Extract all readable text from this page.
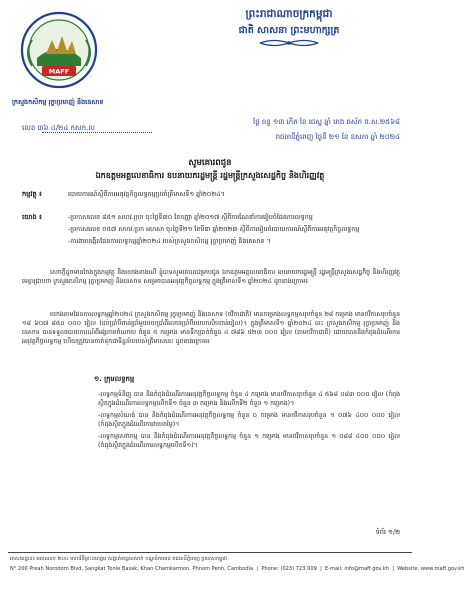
MAFF
ក្រសួងកសិកម្ម រុក្ខាប្រមាញ់ និងនេសាទ
ព្រះរាជាណាចក្រកម្ពុជា
ជាតិ សាសនា ព្រះមហាក្សត្រ
លេខ ៣៦ ៤/២៤ កសក.ល
ថ្ងៃ ចន្ទ ១៣ កើត ខែ ជេស្ឋ ឆ្នាំ រោង ឆស័ក ព.ស.២៥៦៨
រាជធានីភ្នំពេញ ថ្ងៃទី ២១ ខែ ឧសភា ឆ្នាំ ២០២៤
សូមគោរពជូន
ឯកឧត្តមអគ្គលេខាធិការ ឧបនាយករដ្ឋមន្ត្រី រដ្ឋមន្ត្រីក្រសួងសេដ្ឋកិច្ច និងហិរញ្ញវត្ថុ
កម្មវត្ថុ ៖	របាយការណ៍ស្តីពីការអនុវត្តកិច្ចលទ្ធកម្មប្រចាំត្រីមាសទី១ ឆ្នាំ២០២៤។
យោង ៖	-ប្រកាសលេខ ៨៥១ សហវ.ប្រក ចុះថ្ងៃទី៣០ ខែកញ្ញា ឆ្នាំ២០១៧ ស្តីពីការណែនាំការរៀបចំផែនការលទ្ធកម្ម
-ប្រកាសលេខ ០៥៧ សហវ.ប្រក អហសា ចុះថ្ងៃទី២១ ខែមីនា ឆ្នាំ២០២៣ ស្តីពីការរៀបចំរបាយការណ៍ស្តីពីការអនុវត្តកិច្ចលទ្ធកម្ម
-ការងារបង្កើតផែនការលទ្ធកម្មឆ្នាំ២០២៤ របស់ក្រសួងកសិកម្ម រុក្ខាប្រមាញ់ និងនេសាទ ។

សេចក្តីដូចមានចែងក្នុងកម្មវត្ថុ និងយោងខាងលើ ខ្ញុំបាទសូមគោរពជម្រាបជូន ឯកឧត្តមអគ្គលេខាធិការ ឧបនាយករដ្ឋមន្ត្រី រដ្ឋមន្ត្រីក្រសួងសេដ្ឋកិច្ច និងហិរញ្ញវត្ថុ មេត្តាជ្រាបថា ក្រសួងកសិកម្ម រុក្ខាប្រមាញ់ និងនេសាទ សម្រេចបានអនុវត្តកិច្ចលទ្ធកម្ម ក្នុងត្រីមាសទី១ ឆ្នាំ២០២៤ ដូចខាងក្រោម៖

យោងតាមផែនការលទ្ធកម្មឆ្នាំ២០២៤ ក្រសួងកសិកម្ម រុក្ខាប្រមាញ់ និងនេសាទ (ថវិកាជាតិ) មានកម្រោងលទ្ធកម្មសរុបចំនួន ២៨ កម្រោង មានថវិកាសរុបចំនួន ១៨ ៦០៧ ៨៥០ ០០០ រៀល (ដប់ប្រាំបីពាន់ប្រាំមួយរយប្រាំពីរលានប្រាំបីរយហាសិបពាន់រៀល)។ ក្នុងត្រីមាសទី១ ឆ្នាំ២០២៤ នេះ ក្រសួងកសិកម្ម រុក្ខាប្រមាញ់ និងនេសាទ បានទទួលរបាយការណ៍ពីអង្គភាពចំណាយ ចំនួន ៥ កម្រោង មានទឹកប្រាក់ចំនួន ៤ ៧៨៦ ៥២៣ ០០០ រៀល (តាមថវិកាជាតិ) ដោយបាននិងកំពុងដំណើរការអនុវត្តកិច្ចលទ្ធកម្ម ហើយត្រូវបានចាត់ទុកជាទិន្នន័យរបស់ត្រីមាសនេះ ដូចខាងក្រោម៖

១. ក្រុមលទ្ធកម្ម
-លទ្ធកម្មទំនិញ បាន និងកំពុងដំណើរការអនុវត្តកិច្ចលទ្ធកម្ម ចំនួន ៤ កម្រោង មានថវិកាសរុបចំនួន ៤ ៥៦៨ ០៨៣ ០០០ រៀល (កំពុងស្ថិតក្នុងដំណើរការលទ្ធកម្មលើកទី១ ចំនួន ៣ កម្រោង និងលើកទី២ ចំនួន ១ កម្រោង)។
-លទ្ធកម្មសំណង់ បាន និងកំពុងដំណើរការអនុវត្តកិច្ចលទ្ធកម្ម ចំនួន ០ កម្រោង មានថវិកាសរុបចំនួន ១ ០៧៦ ៤០០ ០០០ រៀល (កំពុងស្ថិតក្នុងដំណើរការវាយតម្លៃ)។
-លទ្ធកម្មសេវាកម្ម បាន និងកំពុងដំណើរការអនុវត្តកិច្ចលទ្ធកម្ម ចំនួន ១ កម្រោង មានថវិកាសរុបចំនួន ១ ០៨៨ ៤០០ ០០០ រៀល (កំពុងស្ថិតក្នុងដំណើរការលទ្ធកម្មលើកទី១)។
ទំព័រ ១/២
អាសយដ្ឋាន៖ អគារលេខ ២០០ មហាវិថីព្រះនរោត្តម សង្កាត់ទន្លេបាសាក់ ខណ្ឌចំការមន រាជធានីភ្នំពេញ ប្រទេសកម្ពុជា
N° 200 Preah Norodom Blvd, Sangkat Tonle Basak, Khan Chamkarmon, Phnom Penh, Cambodia  |  Phone: (023) 723 009  |  E-mail: info@maff.gov.kh  |  Website: www.maff.gov.kh
